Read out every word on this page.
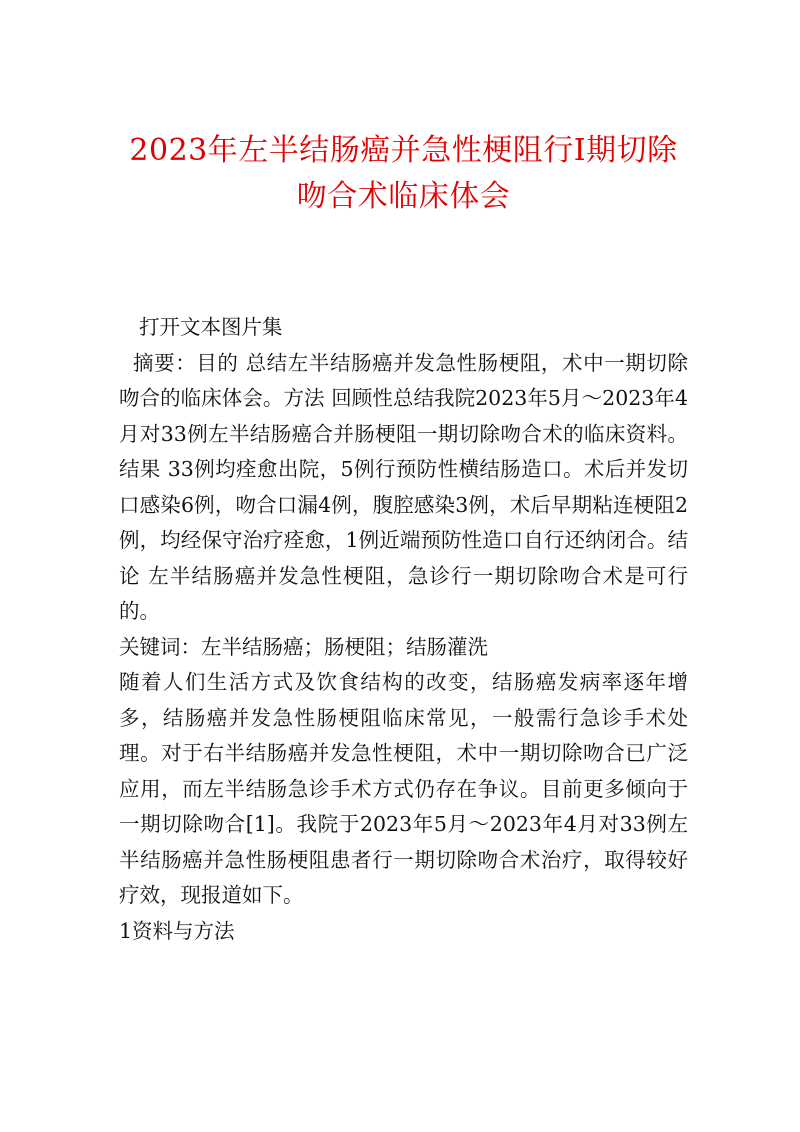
2023年左半结肠癌并急性梗阻行Ⅰ期切除
吻合术临床体会

打开文本图片集

摘要：目的 总结左半结肠癌并发急性肠梗阻，术中一期切除吻合的临床体会。方法 回顾性总结我院2023年5月～2023年4月对33例左半结肠癌合并肠梗阻一期切除吻合术的临床资料。结果 33例均痊愈出院，5例行预防性横结肠造口。术后并发切口感染6例，吻合口漏4例，腹腔感染3例，术后早期粘连梗阻2例，均经保守治疗痊愈，1例近端预防性造口自行还纳闭合。结论 左半结肠癌并发急性梗阻，急诊行一期切除吻合术是可行的。

关键词：左半结肠癌；肠梗阻；结肠灌洗

随着人们生活方式及饮食结构的改变，结肠癌发病率逐年增多，结肠癌并发急性肠梗阻临床常见，一般需行急诊手术处理。对于右半结肠癌并发急性梗阻，术中一期切除吻合已广泛应用，而左半结肠急诊手术方式仍存在争议。目前更多倾向于一期切除吻合[1]。我院于2023年5月～2023年4月对33例左半结肠癌并急性肠梗阻患者行一期切除吻合术治疗，取得较好疗效，现报道如下。

1资料与方法
